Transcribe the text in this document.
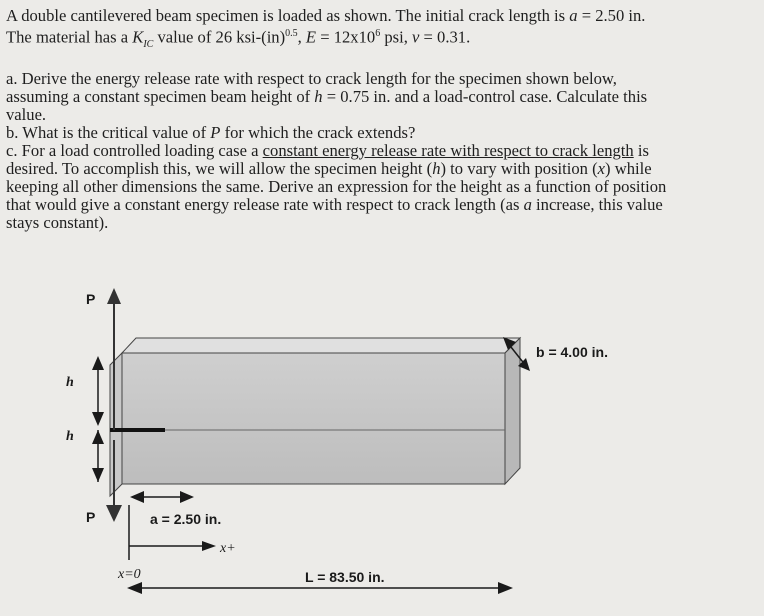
A double cantilevered beam specimen is loaded as shown. The initial crack length is a = 2.50 in.
The material has a $K_{IC}$ value of 26 ksi-(in)$^{0.5}$, $E = 12x10^6$ psi, ν = 0.31.
a. Derive the energy release rate with respect to crack length for the specimen shown below,
assuming a constant specimen beam height of h = 0.75 in. and a load-control case. Calculate this
value.
b. What is the critical value of P for which the crack extends?
c. For a load controlled loading case a constant energy release rate with respect to crack length is
desired. To accomplish this, we will allow the specimen height (h) to vary with position (x) while
keeping all other dimensions the same. Derive an expression for the height as a function of position
that would give a constant energy release rate with respect to crack length (as a increase, this value
stays constant).
P
P
h
h
b = 4.00 in.
a = 2.50 in.
x+
x=0	L = 83.50 in.
